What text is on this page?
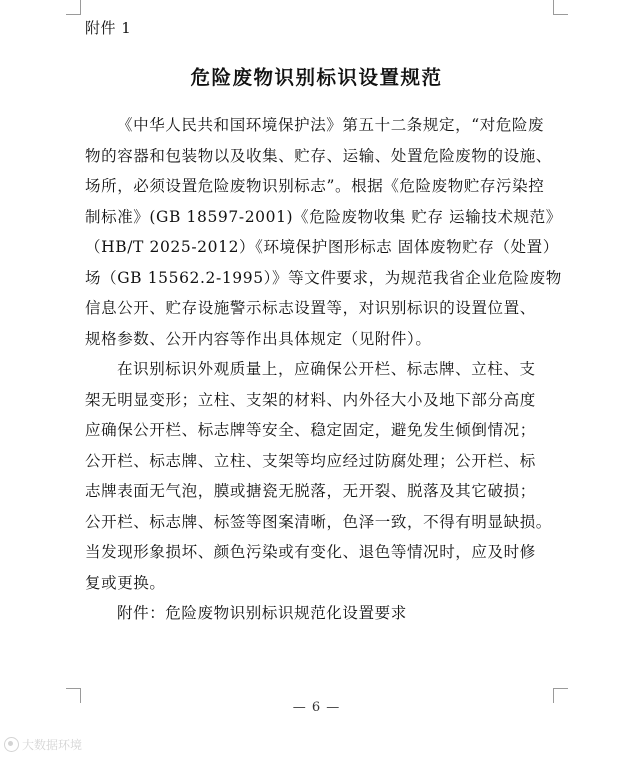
附件 1
危险废物识别标识设置规范
《中华人民共和国环境保护法》第五十二条规定，“对危险废
物的容器和包装物以及收集、贮存、运输、处置危险废物的设施、
场所，必须设置危险废物识别标志”。根据《危险废物贮存污染控
制标准》(GB 18597-2001)《危险废物收集 贮存 运输技术规范》
（HB/T 2025-2012）《环境保护图形标志 固体废物贮存（处置）
场（GB 15562.2-1995）》等文件要求，为规范我省企业危险废物
信息公开、贮存设施警示标志设置等，对识别标识的设置位置、
规格参数、公开内容等作出具体规定（见附件）。
在识别标识外观质量上，应确保公开栏、标志牌、立柱、支
架无明显变形；立柱、支架的材料、内外径大小及地下部分高度
应确保公开栏、标志牌等安全、稳定固定，避免发生倾倒情况；
公开栏、标志牌、立柱、支架等均应经过防腐处理；公开栏、标
志牌表面无气泡，膜或搪瓷无脱落，无开裂、脱落及其它破损；
公开栏、标志牌、标签等图案清晰，色泽一致，不得有明显缺损。
当发现形象损坏、颜色污染或有变化、退色等情况时，应及时修
复或更换。
附件：危险废物识别标识规范化设置要求
— 6 —
大数据环境
